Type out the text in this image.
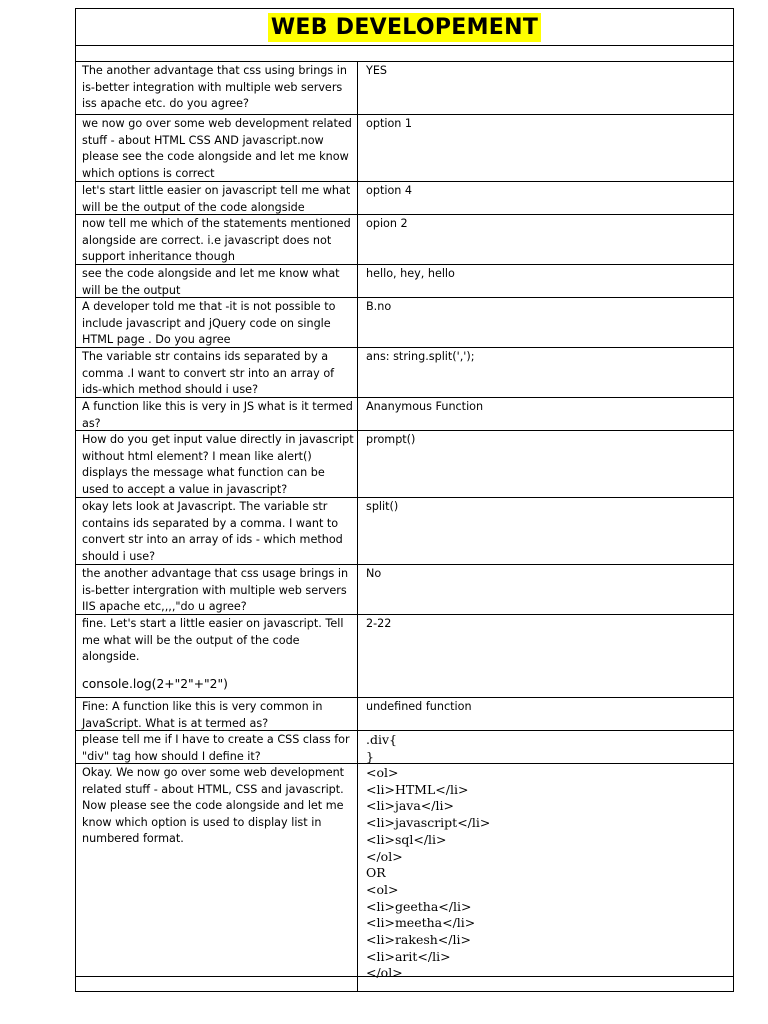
WEB DEVELOPEMENT
The another advantage that css using brings in is-better integration with multiple web servers iss apache etc. do you agree?
YES
we now go over some web development related stuff - about HTML CSS AND javascript.now please see the code alongside and let me know which options is correct
option 1
let's start little easier on javascript tell me what will be the output of the code alongside
option 4
now tell me which of the statements mentioned alongside are correct. i.e javascript does not support inheritance though
opion 2
see the code alongside and let me know what will be the output
hello, hey, hello
A developer told me that -it is not possible to include javascript and jQuery code on single HTML page . Do you agree
B.no
The variable str contains ids separated by a comma .I want to convert str into an array of ids-which method should i use?
ans: string.split(',');
A function like this is very in JS what is it termed as?
Ananymous Function
How do you get input value directly in javascript without html element? I mean like alert() displays the message what function can be used to accept a value in javascript?
prompt()
okay lets look at Javascript. The variable str contains ids separated by a comma. I want to convert str into an array of ids - which method should i use?
split()
the another advantage that css usage brings in is-better intergration with multiple web servers IIS apache etc,,,,"do u agree?
No
fine. Let's start a little easier on javascript. Tell me what will be the output of the code alongside.
console.log(2+"2"+"2")
2-22
Fine: A function like this is very common in JavaScript. What is at termed as?
undefined function
please tell me if I have to create a CSS class for "div" tag how should I define it?
.div{
}
Okay. We now go over some web development related stuff - about HTML, CSS and javascript. Now please see the code alongside and let me know which option is used to display list in numbered format.
<ol>
<li>HTML</li>
<li>java</li>
<li>javascript</li>
<li>sql</li>
</ol>
OR
<ol>
<li>geetha</li>
<li>meetha</li>
<li>rakesh</li>
<li>arit</li>
</ol>
